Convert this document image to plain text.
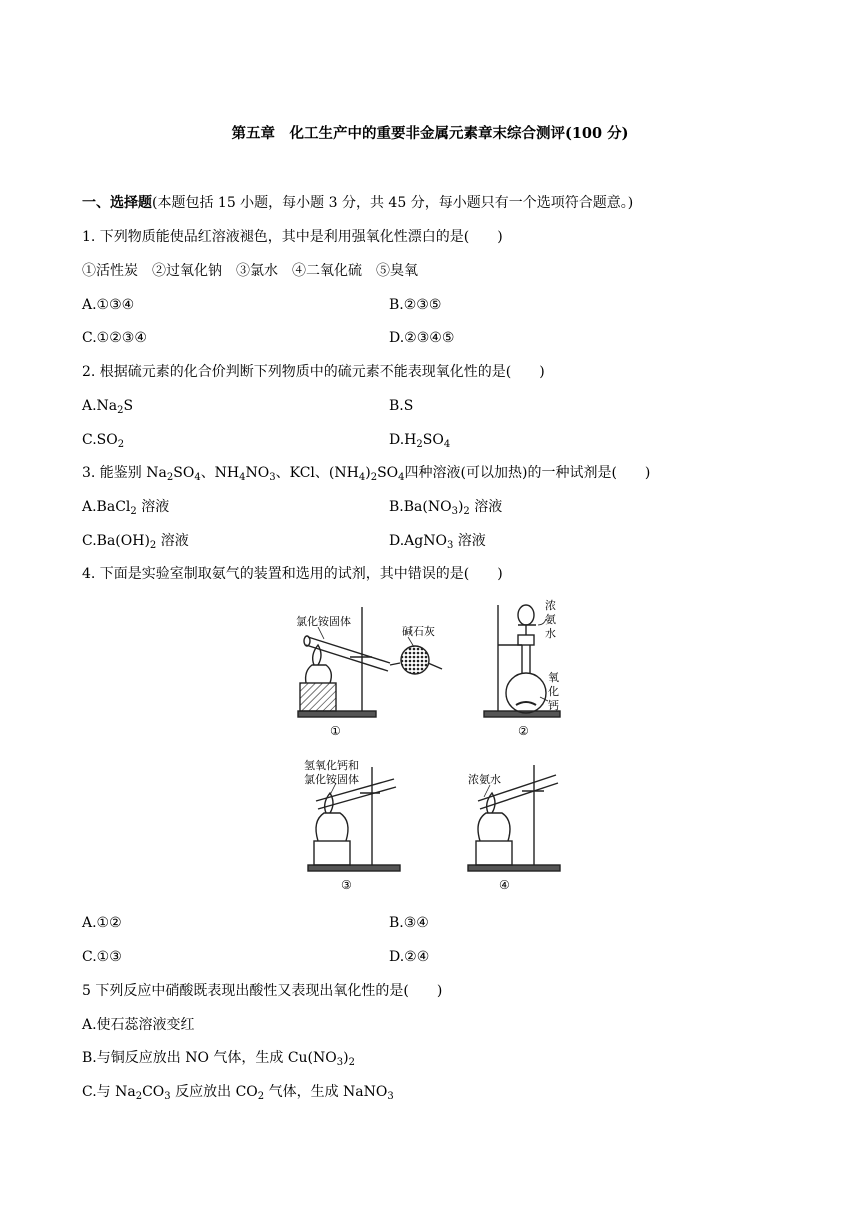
第五章　化工生产中的重要非金属元素章末综合测评(100 分)
一、选择题(本题包括 15 小题，每小题 3 分，共 45 分，每小题只有一个选项符合题意。)
1. 下列物质能使品红溶液褪色，其中是利用强氧化性漂白的是(　　)
①活性炭　②过氧化钠　③氯水　④二氧化硫　⑤臭氧
A.①③④	B.②③⑤
C.①②③④	D.②③④⑤
2. 根据硫元素的化合价判断下列物质中的硫元素不能表现氧化性的是(　　)
$A.Na_2S$	B.S
$C.SO_2$	$D.H_2SO_4$
3. 能鉴别 $Na_2SO_4$、$NH_4NO_3$、KCl、$(NH_4)_2SO_4$四种溶液(可以加热)的一种试剂是(　　)
A.BaCl$_2$ 溶液	$B.Ba(NO_3)_2$ 溶液
$C.Ba(OH)_2$ 溶液	D.AgNO$_3$ 溶液
4. 下面是实验室制取氨气的装置和选用的试剂，其中错误的是(　　)
氯化铵固体
碱石灰
①
浓
氨
水
氧
化
钙
②
氢氧化钙和
氯化铵固体
③
浓氨水
④
A.①②	B.③④
C.①③	D.②④
5 下列反应中硝酸既表现出酸性又表现出氧化性的是(　　)
A.使石蕊溶液变红
B.与铜反应放出 NO 气体，生成 $Cu(NO_3)_2$
C.与 $Na_2CO_3$ 反应放出 $CO_2$ 气体，生成 NaNO$_3$
